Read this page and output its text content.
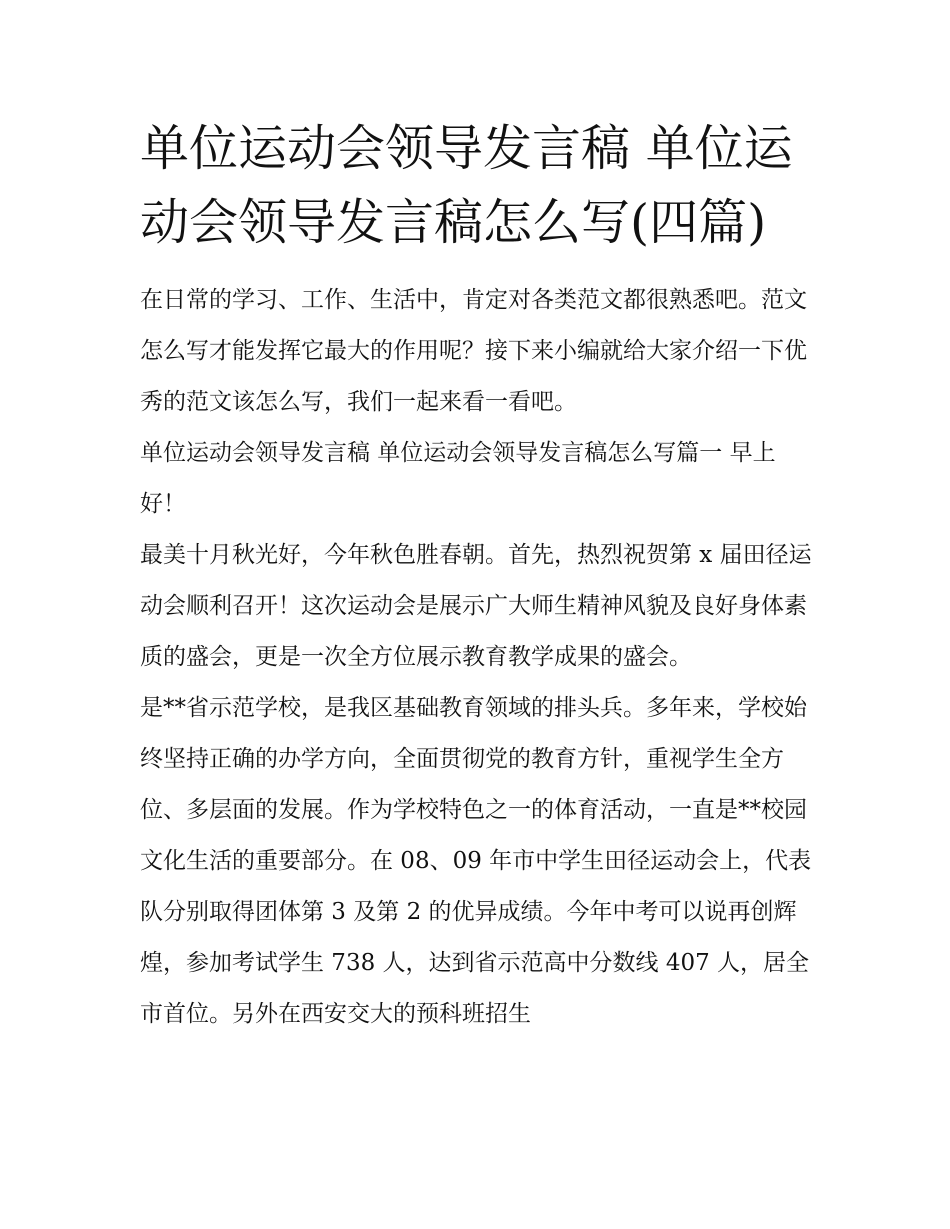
单位运动会领导发言稿 单位运动会领导发言稿怎么写(四篇)

在日常的学习、工作、生活中，肯定对各类范文都很熟悉吧。范文怎么写才能发挥它最大的作用呢？接下来小编就给大家介绍一下优秀的范文该怎么写，我们一起来看一看吧。

单位运动会领导发言稿 单位运动会领导发言稿怎么写篇一 早上好！

最美十月秋光好，今年秋色胜春朝。首先，热烈祝贺第 x 届田径运动会顺利召开！这次运动会是展示广大师生精神风貌及良好身体素质的盛会，更是一次全方位展示教育教学成果的盛会。

是**省示范学校，是我区基础教育领域的排头兵。多年来，学校始终坚持正确的办学方向，全面贯彻党的教育方针，重视学生全方位、多层面的发展。作为学校特色之一的体育活动，一直是**校园文化生活的重要部分。在 08、09 年市中学生田径运动会上，代表队分别取得团体第 3 及第 2 的优异成绩。今年中考可以说再创辉煌，参加考试学生 738 人，达到省示范高中分数线 407 人，居全市首位。另外在西安交大的预科班招生
